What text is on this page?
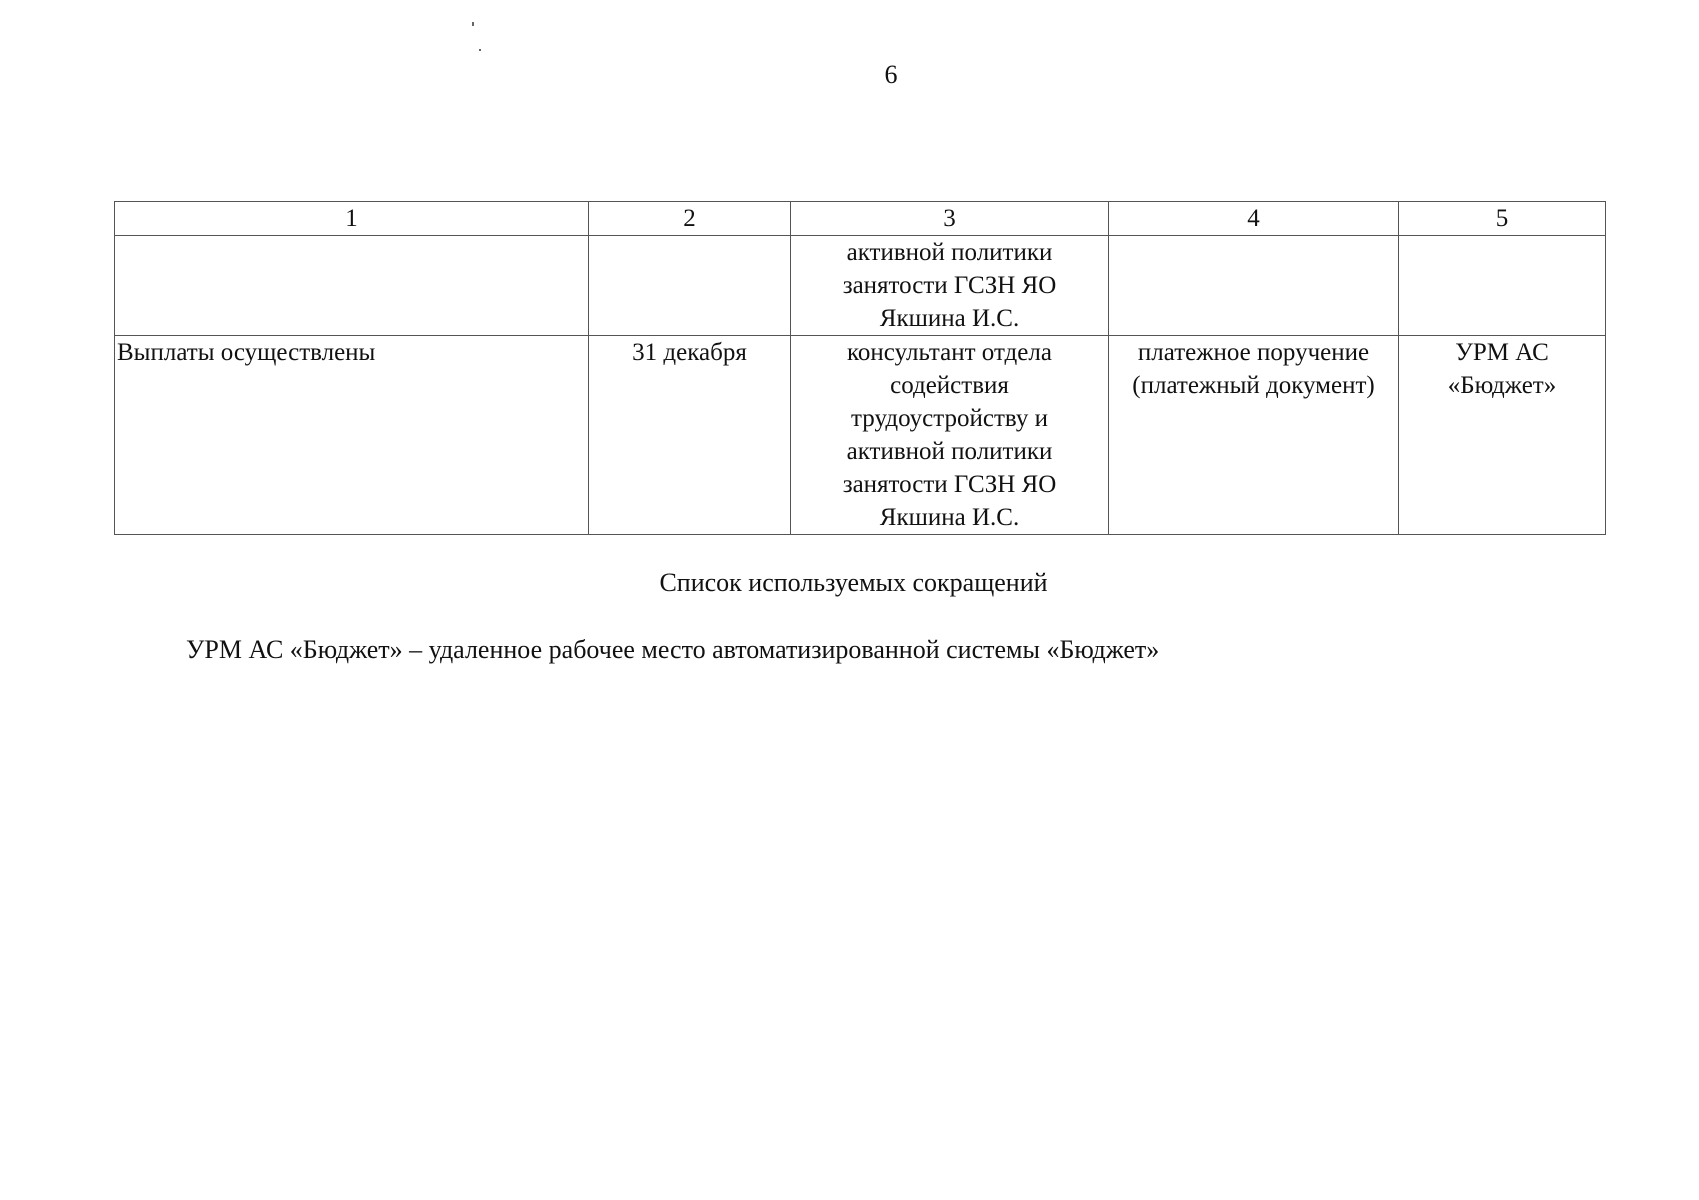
6
1	2	3	4	5

		активной политики занятости ГСЗН ЯО Якшина И.С.		

Выплаты осуществлены	31 декабря	консультант отдела содействия трудоустройству и активной политики занятости ГСЗН ЯО Якшина И.С.	платежное поручение (платежный документ)	УРМ АС «Бюджет»
Список используемых сокращений
УРМ АС «Бюджет» – удаленное рабочее место автоматизированной системы «Бюджет»
